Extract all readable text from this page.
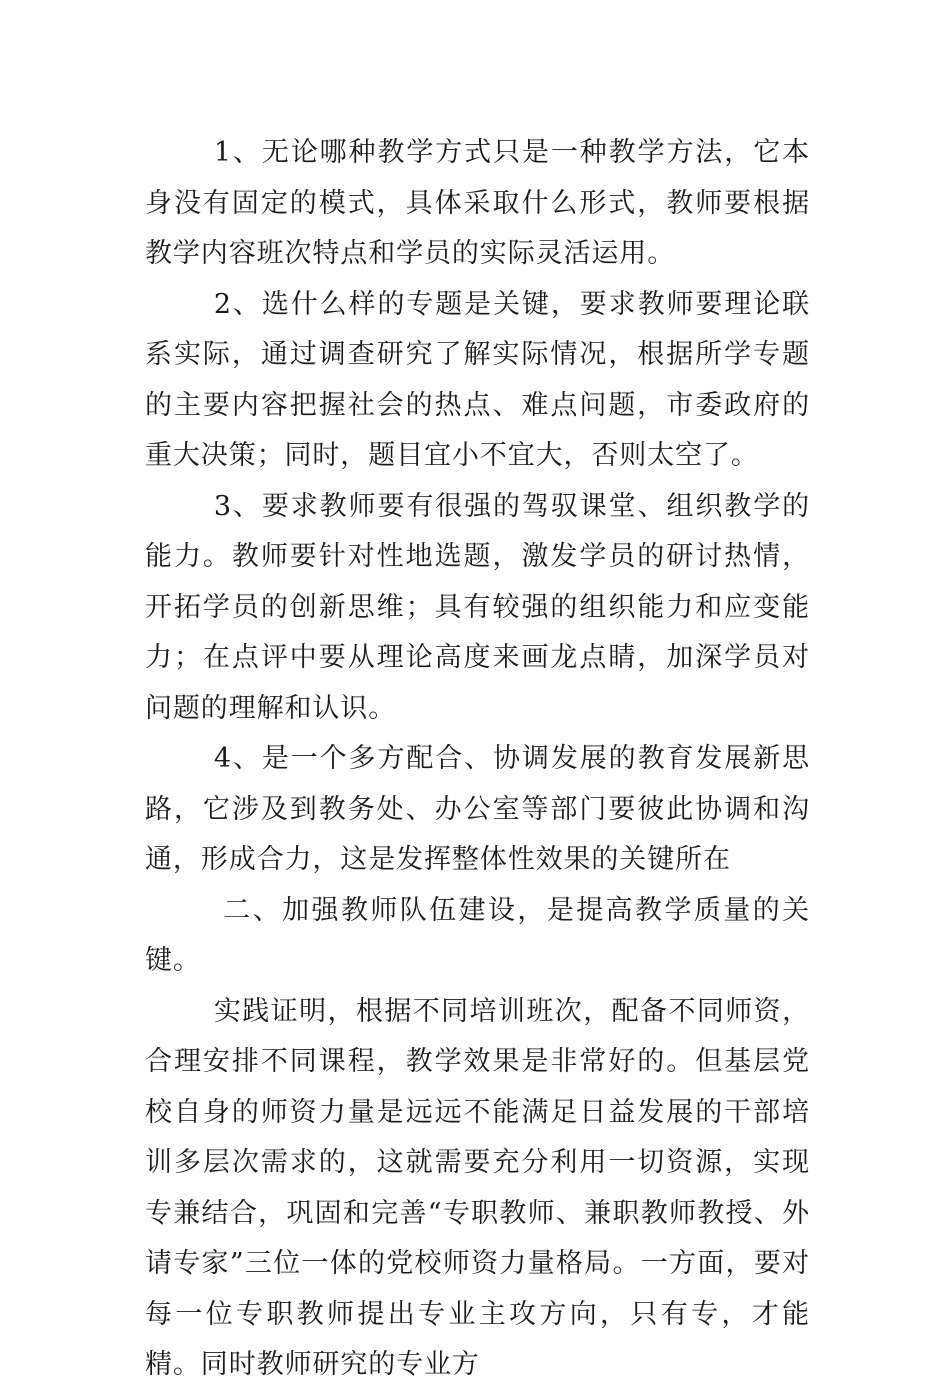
1、无论哪种教学方式只是一种教学方法，它本身没有固定的模式，具体采取什么形式，教师要根据教学内容班次特点和学员的实际灵活运用。

2、选什么样的专题是关键，要求教师要理论联系实际，通过调查研究了解实际情况，根据所学专题的主要内容把握社会的热点、难点问题，市委政府的重大决策；同时，题目宜小不宜大，否则太空了。

3、要求教师要有很强的驾驭课堂、组织教学的能力。教师要针对性地选题，激发学员的研讨热情，开拓学员的创新思维；具有较强的组织能力和应变能力；在点评中要从理论高度来画龙点睛，加深学员对问题的理解和认识。

4、是一个多方配合、协调发展的教育发展新思路，它涉及到教务处、办公室等部门要彼此协调和沟通，形成合力，这是发挥整体性效果的关键所在

二、加强教师队伍建设，是提高教学质量的关键。

实践证明，根据不同培训班次，配备不同师资，合理安排不同课程，教学效果是非常好的。但基层党校自身的师资力量是远远不能满足日益发展的干部培训多层次需求的，这就需要充分利用一切资源，实现专兼结合，巩固和完善“专职教师、兼职教师教授、外请专家”三位一体的党校师资力量格局。一方面，要对每一位专职教师提出专业主攻方向，只有专，才能精。同时教师研究的专业方
